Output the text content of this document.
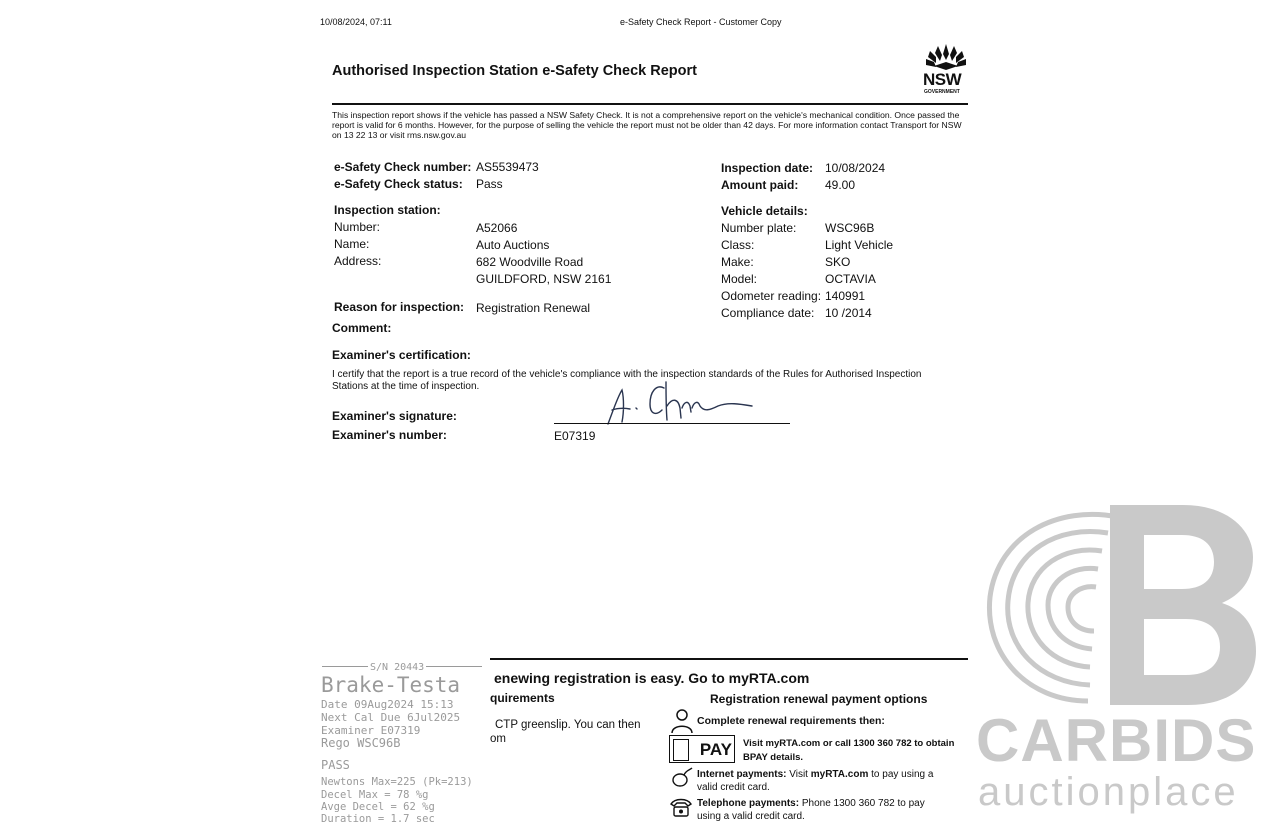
10/08/2024, 07:11	e-Safety Check Report - Customer Copy
Authorised Inspection Station e-Safety Check Report	NSW
GOVERNMENT
This inspection report shows if the vehicle has passed a NSW Safety Check. It is not a comprehensive report on the vehicle's mechanical condition. Once passed the report is valid for 6 months. However, for the purpose of selling the vehicle the report must not be older than 42 days. For more information contact Transport for NSW on 13 22 13 or visit rms.nsw.gov.au
e-Safety Check number: AS5539473
e-Safety Check status: Pass
Inspection date: 10/08/2024
Amount paid: 49.00
Inspection station:
Number:	A52066
Name:	Auto Auctions
Address:	682 Woodville Road
GUILDFORD, NSW 2161
Vehicle details:
Number plate: WSC96B
Class:	Light Vehicle
Make:	SKO
Model:	OCTAVIA
Odometer reading: 140991
Compliance date: 10 /2014
Reason for inspection: Registration Renewal
Comment:
Examiner's certification:
I certify that the report is a true record of the vehicle's compliance with the inspection standards of the Rules for Authorised Inspection Stations at the time of inspection.
Examiner's signature:
Examiner's number:	E07319
enewing registration is easy. Go to myRTA.com
quirements
CTP greenslip. You can then
om
Registration renewal payment options
Complete renewal requirements then:
PAY	Visit myRTA.com or call 1300 360 782 to obtain
BPAY details.
Internet payments: Visit myRTA.com to pay using a
valid credit card.
Telephone payments: Phone 1300 360 782 to pay
using a valid credit card.
S/N 20443
Brake-Testa
Date 09Aug2024 15:13
Next Cal Due 6Jul2025
Examiner E07319
Rego WSC96B
PASS
Newtons Max=225 (Pk=213)
Decel Max = 78 %g
Avge Decel = 62 %g
Duration = 1.7 sec
CARBIDS
auctionplace
